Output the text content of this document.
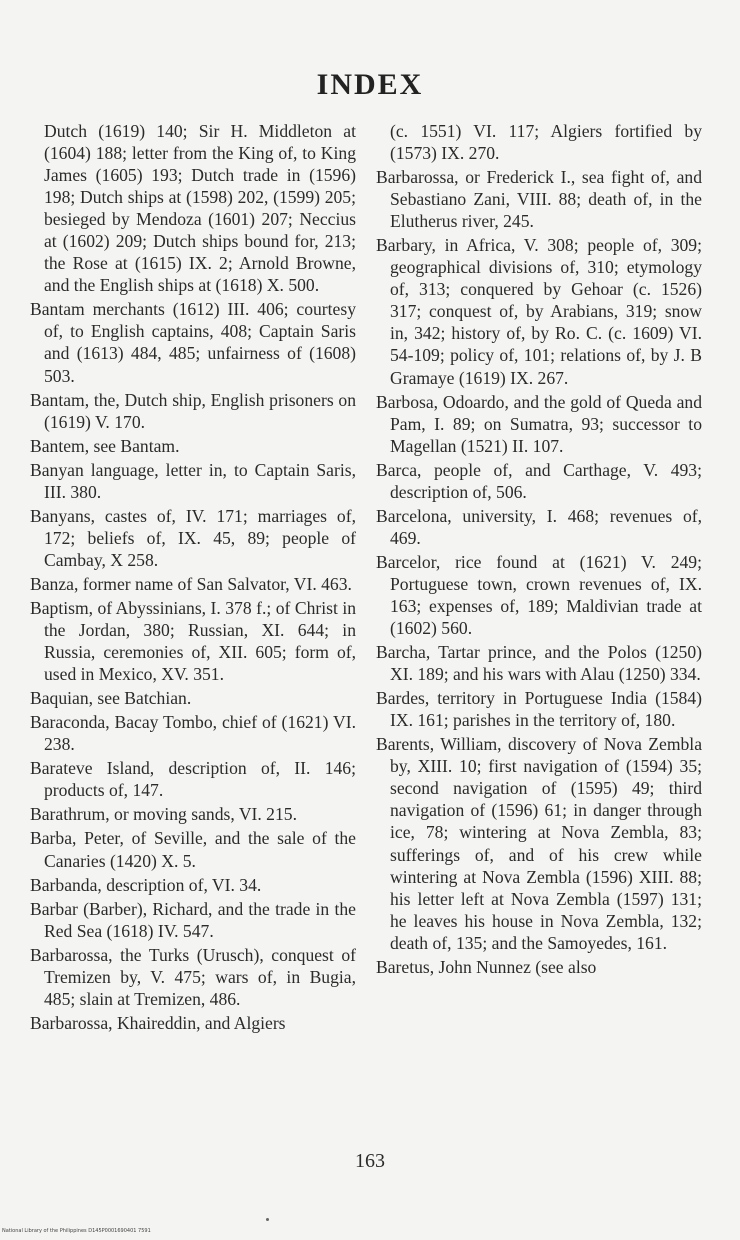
INDEX

Dutch (1619) 140; Sir H. Middleton at (1604) 188; letter from the King of, to King James (1605) 193; Dutch trade in (1596) 198; Dutch ships at (1598) 202, (1599) 205; besieged by Mendoza (1601) 207; Neccius at (1602) 209; Dutch ships bound for, 213; the Rose at (1615) IX. 2; Arnold Browne, and the English ships at (1618) X. 500.

Bantam merchants (1612) III. 406; courtesy of, to English captains, 408; Captain Saris and (1613) 484, 485; unfairness of (1608) 503.

Bantam, the, Dutch ship, English prisoners on (1619) V. 170.

Bantem, see Bantam.

Banyan language, letter in, to Captain Saris, III. 380.

Banyans, castes of, IV. 171; marriages of, 172; beliefs of, IX. 45, 89; people of Cambay, X 258.

Banza, former name of San Salvator, VI. 463.

Baptism, of Abyssinians, I. 378 f.; of Christ in the Jordan, 380; Russian, XI. 644; in Russia, ceremonies of, XII. 605; form of, used in Mexico, XV. 351.

Baquian, see Batchian.

Baraconda, Bacay Tombo, chief of (1621) VI. 238.

Barateve Island, description of, II. 146; products of, 147.

Barathrum, or moving sands, VI. 215.

Barba, Peter, of Seville, and the sale of the Canaries (1420) X. 5.

Barbanda, description of, VI. 34.

Barbar (Barber), Richard, and the trade in the Red Sea (1618) IV. 547.

Barbarossa, the Turks (Urusch), conquest of Tremizen by, V. 475; wars of, in Bugia, 485; slain at Tremizen, 486.

Barbarossa, Khaireddin, and Algiers

(c. 1551) VI. 117; Algiers fortified by (1573) IX. 270.

Barbarossa, or Frederick I., sea fight of, and Sebastiano Zani, VIII. 88; death of, in the Elutherus river, 245.

Barbary, in Africa, V. 308; people of, 309; geographical divisions of, 310; etymology of, 313; conquered by Gehoar (c. 1526) 317; conquest of, by Arabians, 319; snow in, 342; history of, by Ro. C. (c. 1609) VI. 54-109; policy of, 101; relations of, by J. B Gramaye (1619) IX. 267.

Barbosa, Odoardo, and the gold of Queda and Pam, I. 89; on Sumatra, 93; successor to Magellan (1521) II. 107.

Barca, people of, and Carthage, V. 493; description of, 506.

Barcelona, university, I. 468; revenues of, 469.

Barcelor, rice found at (1621) V. 249; Portuguese town, crown revenues of, IX. 163; expenses of, 189; Maldivian trade at (1602) 560.

Barcha, Tartar prince, and the Polos (1250) XI. 189; and his wars with Alau (1250) 334.

Bardes, territory in Portuguese India (1584) IX. 161; parishes in the territory of, 180.

Barents, William, discovery of Nova Zembla by, XIII. 10; first navigation of (1594) 35; second navigation of (1595) 49; third navigation of (1596) 61; in danger through ice, 78; wintering at Nova Zembla, 83; sufferings of, and of his crew while wintering at Nova Zembla (1596) XIII. 88; his letter left at Nova Zembla (1597) 131; he leaves his house in Nova Zembla, 132; death of, 135; and the Samoyedes, 161.

Baretus, John Nunnez (see also

163
National Library of the Philippines D145P0001690401 7591
